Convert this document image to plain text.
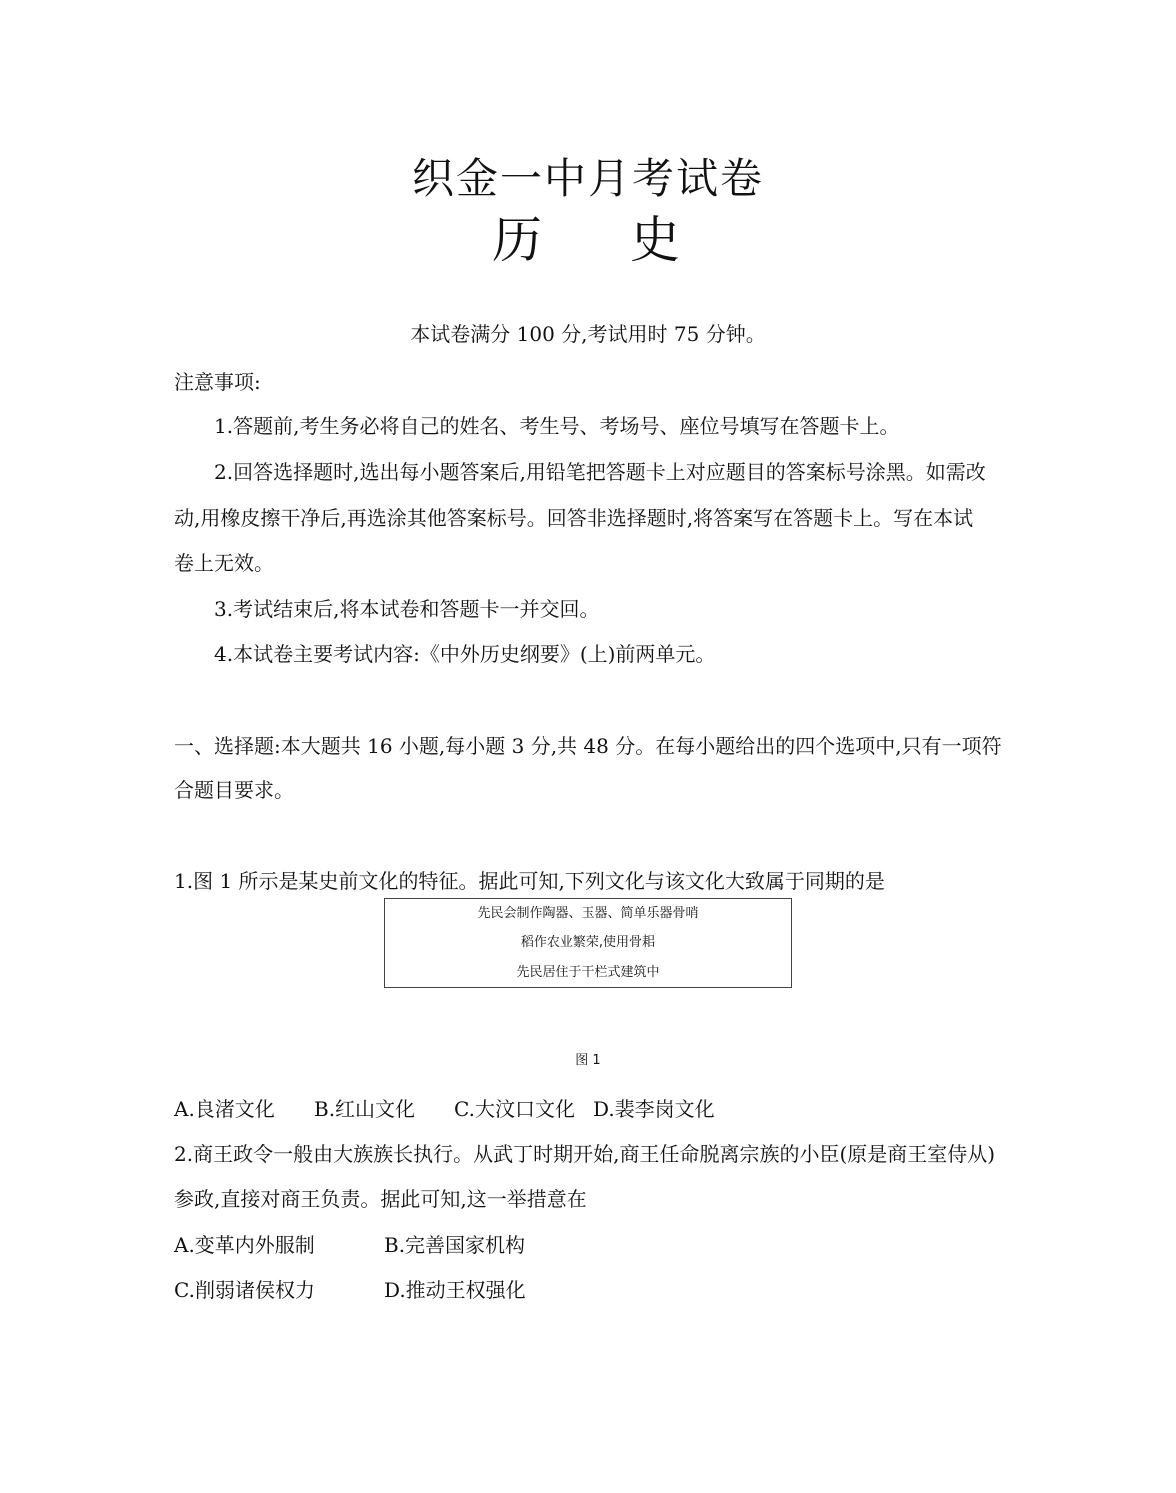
织金一中月考试卷
历 史
本试卷满分 100 分,考试用时 75 分钟。
注意事项:
1.答题前,考生务必将自己的姓名、考生号、考场号、座位号填写在答题卡上。
2.回答选择题时,选出每小题答案后,用铅笔把答题卡上对应题目的答案标号涂黑。如需改
动,用橡皮擦干净后,再选涂其他答案标号。回答非选择题时,将答案写在答题卡上。写在本试
卷上无效。
3.考试结束后,将本试卷和答题卡一并交回。
4.本试卷主要考试内容:《中外历史纲要》(上)前两单元。
一、选择题:本大题共 16 小题,每小题 3 分,共 48 分。在每小题给出的四个选项中,只有一项符
合题目要求。
1.图 1 所示是某史前文化的特征。据此可知,下列文化与该文化大致属于同期的是
先民会制作陶器、玉器、简单乐器骨哨
稻作农业繁荣,使用骨耜
先民居住于干栏式建筑中
图 1
A.良渚文化 B.红山文化 C.大汶口文化 D.裴李岗文化
2.商王政令一般由大族族长执行。从武丁时期开始,商王任命脱离宗族的小臣(原是商王室侍从)
参政,直接对商王负责。据此可知,这一举措意在
A.变革内外服制	B.完善国家机构
C.削弱诸侯权力	D.推动王权强化
